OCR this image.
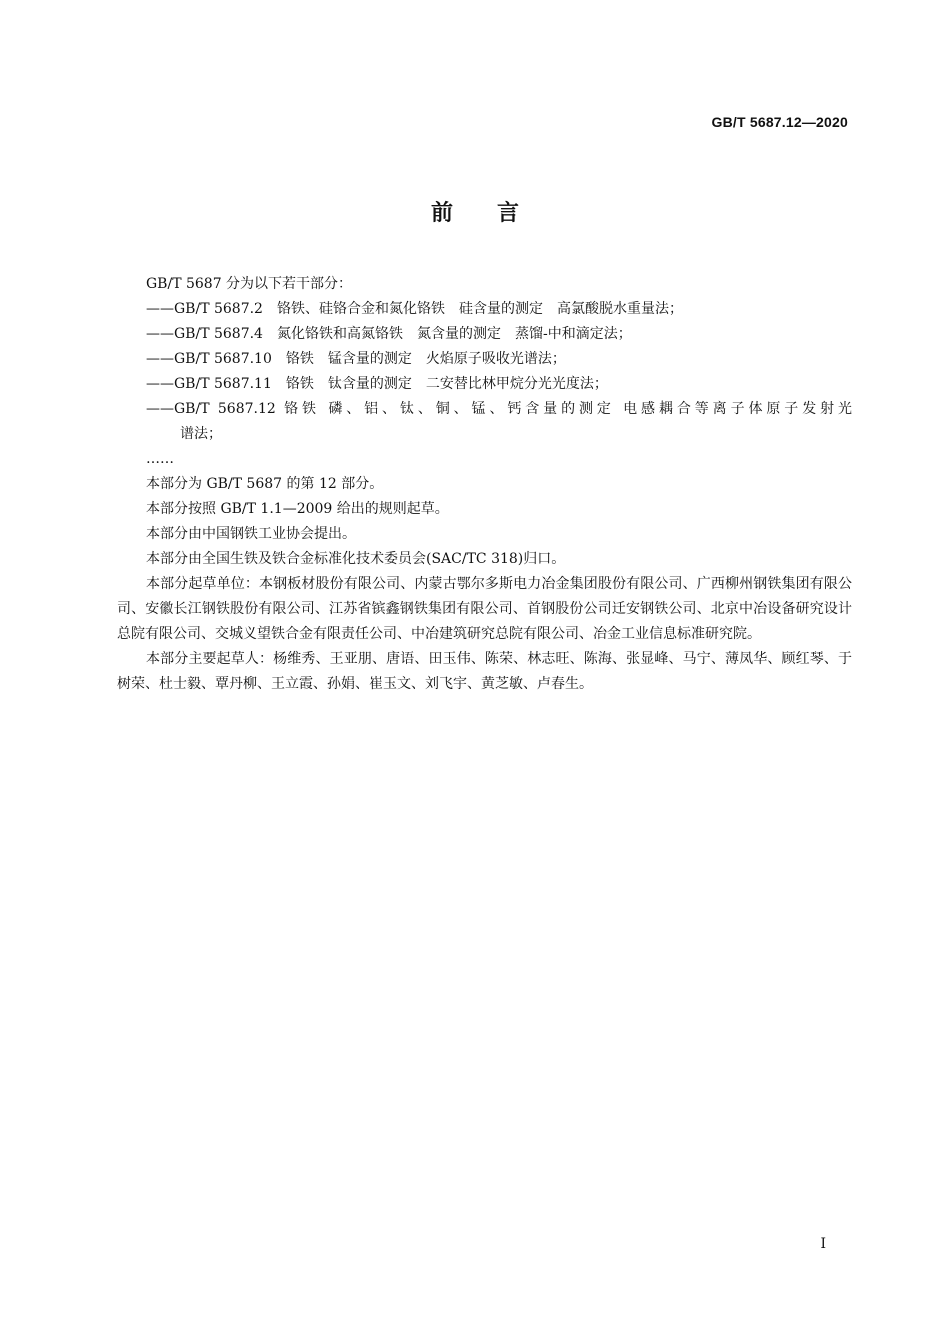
GB/T 5687.12—2020
前言

GB/T 5687 分为以下若干部分：

——GB/T 5687.2 铬铁、硅铬合金和氮化铬铁 硅含量的测定 高氯酸脱水重量法；

——GB/T 5687.4 氮化铬铁和高氮铬铁 氮含量的测定 蒸馏-中和滴定法；

——GB/T 5687.10 铬铁 锰含量的测定 火焰原子吸收光谱法；

——GB/T 5687.11 铬铁 钛含量的测定 二安替比林甲烷分光光度法；

——GB/T 5687.12 铬铁 磷、铝、钛、铜、锰、钙含量的测定 电感耦合等离子体原子发射光

谱法；

……

本部分为 GB/T 5687 的第 12 部分。

本部分按照 GB/T 1.1—2009 给出的规则起草。

本部分由中国钢铁工业协会提出。

本部分由全国生铁及铁合金标准化技术委员会(SAC/TC 318)归口。

本部分起草单位：本钢板材股份有限公司、内蒙古鄂尔多斯电力冶金集团股份有限公司、广西柳州钢铁集团有限公司、安徽长江钢铁股份有限公司、江苏省镔鑫钢铁集团有限公司、首钢股份公司迁安钢铁公司、北京中冶设备研究设计总院有限公司、交城义望铁合金有限责任公司、中冶建筑研究总院有限公司、冶金工业信息标准研究院。

本部分主要起草人：杨维秀、王亚朋、唐语、田玉伟、陈荣、林志旺、陈海、张显峰、马宁、薄凤华、顾红琴、于树荣、杜士毅、覃丹柳、王立霞、孙娟、崔玉文、刘飞宇、黄芝敏、卢春生。

I
